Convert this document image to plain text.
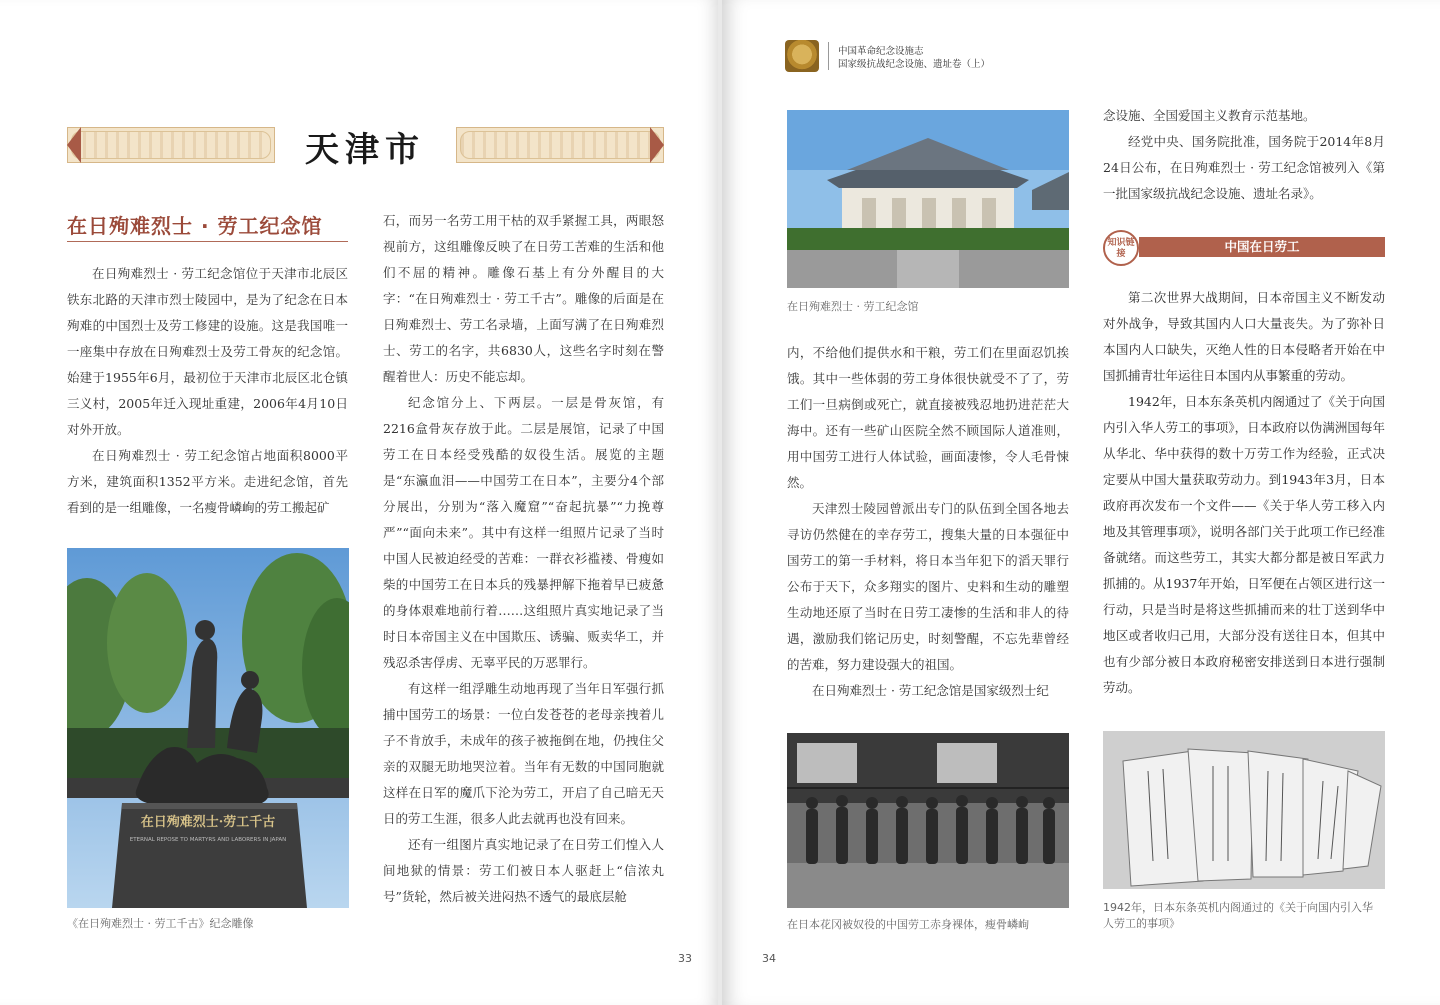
天津市
在日殉难烈士 · 劳工纪念馆

在日殉难烈士 · 劳工纪念馆位于天津市北辰区铁东北路的天津市烈士陵园中，是为了纪念在日本殉难的中国烈士及劳工修建的设施。这是我国唯一一座集中存放在日殉难烈士及劳工骨灰的纪念馆。始建于1955年6月，最初位于天津市北辰区北仓镇三义村，2005年迁入现址重建，2006年4月10日对外开放。

在日殉难烈士 · 劳工纪念馆占地面积8000平方米，建筑面积1352平方米。走进纪念馆，首先看到的是一组雕像，一名瘦骨嶙峋的劳工搬起矿

在日殉难烈士·劳工千古
ETERNAL REPOSE TO MARTYRS AND LABORERS IN JAPAN
《在日殉难烈士 · 劳工千古》纪念雕像

石，而另一名劳工用干枯的双手紧握工具，两眼怒视前方，这组雕像反映了在日劳工苦难的生活和他们不屈的精神。雕像石基上有分外醒目的大字：“在日殉难烈士 · 劳工千古”。雕像的后面是在日殉难烈士、劳工名录墙，上面写满了在日殉难烈士、劳工的名字，共6830人，这些名字时刻在警醒着世人：历史不能忘却。

纪念馆分上、下两层。一层是骨灰馆，有2216盒骨灰存放于此。二层是展馆，记录了中国劳工在日本经受残酷的奴役生活。展览的主题是“东瀛血泪——中国劳工在日本”，主要分4个部分展出，分别为“落入魔窟”“奋起抗暴”“力挽尊严”“面向未来”。其中有这样一组照片记录了当时中国人民被迫经受的苦难：一群衣衫褴褛、骨瘦如柴的中国劳工在日本兵的残暴押解下拖着早已疲惫的身体艰难地前行着……这组照片真实地记录了当时日本帝国主义在中国欺压、诱骗、贩卖华工，并残忍杀害俘虏、无辜平民的万恶罪行。

有这样一组浮雕生动地再现了当年日军强行抓捕中国劳工的场景：一位白发苍苍的老母亲拽着儿子不肯放手，未成年的孩子被拖倒在地，仍拽住父亲的双腿无助地哭泣着。当年有无数的中国同胞就这样在日军的魔爪下沦为劳工，开启了自己暗无天日的劳工生涯，很多人此去就再也没有回来。

还有一组图片真实地记录了在日劳工们惶入人间地狱的情景：劳工们被日本人驱赶上“信浓丸号”货轮，然后被关进闷热不透气的最底层舱

33
中国革命纪念设施志
国家级抗战纪念设施、遗址卷（上）
在日殉难烈士 · 劳工纪念馆

内，不给他们提供水和干粮，劳工们在里面忍饥挨饿。其中一些体弱的劳工身体很快就受不了了，劳工们一旦病倒或死亡，就直接被残忍地扔进茫茫大海中。还有一些矿山医院全然不顾国际人道准则，用中国劳工进行人体试验，画面凄惨，令人毛骨悚然。

天津烈士陵园曾派出专门的队伍到全国各地去寻访仍然健在的幸存劳工，搜集大量的日本强征中国劳工的第一手材料，将日本当年犯下的滔天罪行公布于天下，众多翔实的图片、史料和生动的雕塑生动地还原了当时在日劳工凄惨的生活和非人的待遇，激励我们铭记历史，时刻警醒，不忘先辈曾经的苦难，努力建设强大的祖国。

在日殉难烈士 · 劳工纪念馆是国家级烈士纪

念设施、全国爱国主义教育示范基地。

经党中央、国务院批准，国务院于2014年8月24日公布，在日殉难烈士 · 劳工纪念馆被列入《第一批国家级抗战纪念设施、遗址名录》。

知识链接	中国在日劳工

第二次世界大战期间，日本帝国主义不断发动对外战争，导致其国内人口大量丧失。为了弥补日本国内人口缺失，灭绝人性的日本侵略者开始在中国抓捕青壮年运往日本国内从事繁重的劳动。

1942年，日本东条英机内阁通过了《关于向国内引入华人劳工的事项》，日本政府以伪满洲国每年从华北、华中获得的数十万劳工作为经验，正式决定要从中国大量获取劳动力。到1943年3月，日本政府再次发布一个文件——《关于华人劳工移入内地及其管理事项》，说明各部门关于此项工作已经准备就绪。而这些劳工，其实大都分都是被日军武力抓捕的。从1937年开始，日军便在占领区进行这一行动，只是当时是将这些抓捕而来的壮丁送到华中地区或者收归己用，大部分没有送往日本，但其中也有少部分被日本政府秘密安排送到日本进行强制劳动。

在日本花冈被奴役的中国劳工赤身裸体，瘦骨嶙峋
1942年，日本东条英机内阁通过的《关于向国内引入华
人劳工的事项》
34
